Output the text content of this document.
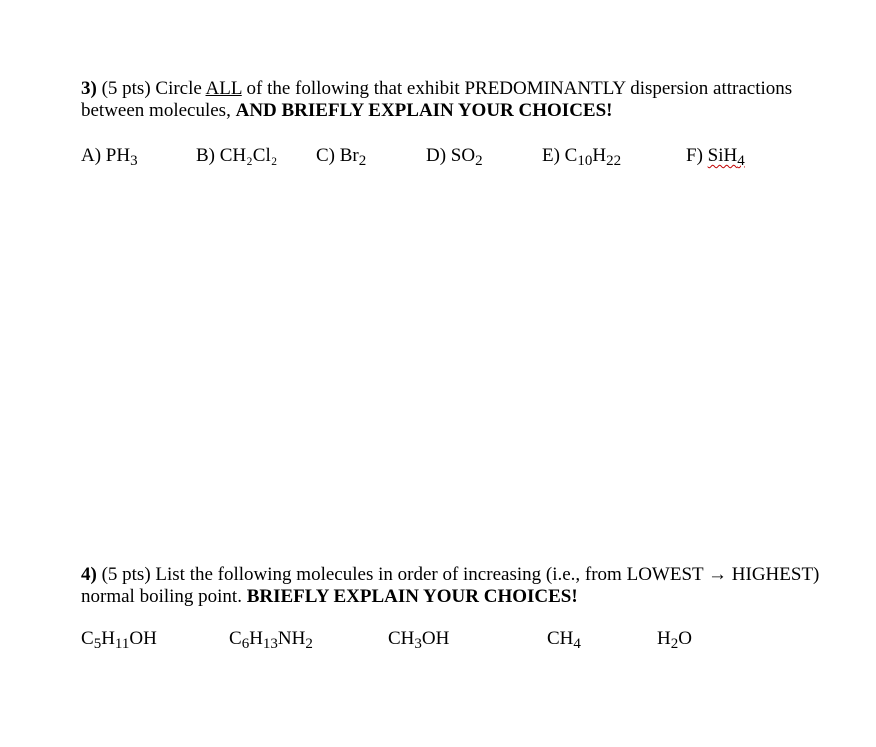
3) (5 pts) Circle ALL of the following that exhibit PREDOMINANTLY dispersion attractions between molecules, AND BRIEFLY EXPLAIN YOUR CHOICES!
A) $PH_3$	B) CH₂Cl₂ C) $Br_2$	D) $SO_2$	E) $C_{10}H_{22}$	F) SiH$_4$
4) (5 pts) List the following molecules in order of increasing (i.e., from LOWEST → HIGHEST) normal boiling point. BRIEFLY EXPLAIN YOUR CHOICES!
$C_5H_{11}OH$	$C_6H_{13}NH_2$	$CH_3OH$	$CH_4$	$H_2O$
